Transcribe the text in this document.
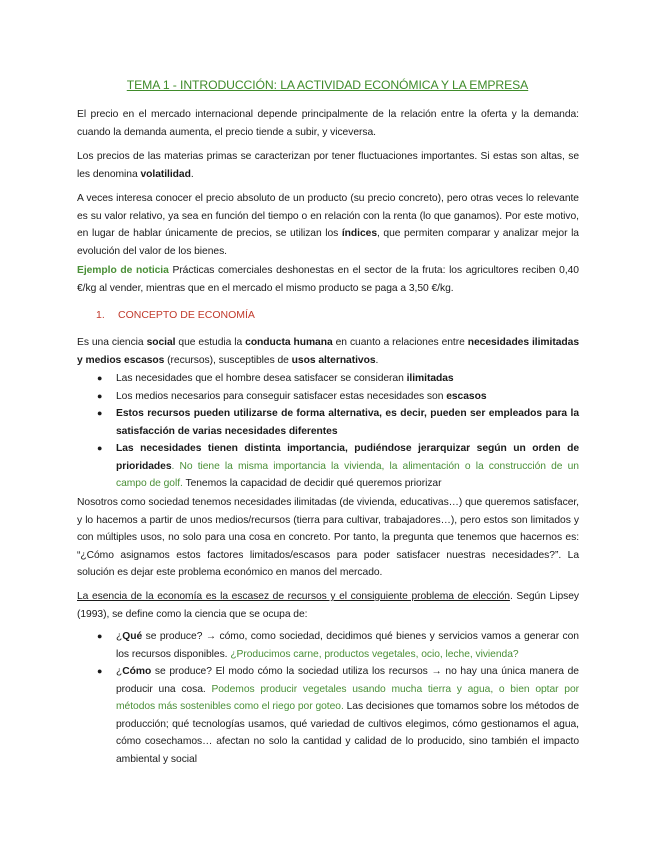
TEMA 1 - INTRODUCCIÓN: LA ACTIVIDAD ECONÓMICA Y LA EMPRESA
El precio en el mercado internacional depende principalmente de la relación entre la oferta y la demanda: cuando la demanda aumenta, el precio tiende a subir, y viceversa.
Los precios de las materias primas se caracterizan por tener fluctuaciones importantes. Si estas son altas, se les denomina volatilidad.
A veces interesa conocer el precio absoluto de un producto (su precio concreto), pero otras veces lo relevante es su valor relativo, ya sea en función del tiempo o en relación con la renta (lo que ganamos). Por este motivo, en lugar de hablar únicamente de precios, se utilizan los índices, que permiten comparar y analizar mejor la evolución del valor de los bienes.
Ejemplo de noticia Prácticas comerciales deshonestas en el sector de la fruta: los agricultores reciben 0,40 €/kg al vender, mientras que en el mercado el mismo producto se paga a 3,50 €/kg.
1. CONCEPTO DE ECONOMÍA
Es una ciencia social que estudia la conducta humana en cuanto a relaciones entre necesidades ilimitadas y medios escasos (recursos), susceptibles de usos alternativos.
● Las necesidades que el hombre desea satisfacer se consideran ilimitadas
● Los medios necesarios para conseguir satisfacer estas necesidades son escasos
● Estos recursos pueden utilizarse de forma alternativa, es decir, pueden ser empleados para la satisfacción de varias necesidades diferentes
● Las necesidades tienen distinta importancia, pudiéndose jerarquizar según un orden de prioridades. No tiene la misma importancia la vivienda, la alimentación o la construcción de un campo de golf. Tenemos la capacidad de decidir qué queremos priorizar
Nosotros como sociedad tenemos necesidades ilimitadas (de vivienda, educativas…) que queremos satisfacer, y lo hacemos a partir de unos medios/recursos (tierra para cultivar, trabajadores…), pero estos son limitados y con múltiples usos, no solo para una cosa en concreto. Por tanto, la pregunta que tenemos que hacernos es: “¿Cómo asignamos estos factores limitados/escasos para poder satisfacer nuestras necesidades?”. La solución es dejar este problema económico en manos del mercado.
La esencia de la economía es la escasez de recursos y el consiguiente problema de elección. Según Lipsey (1993), se define como la ciencia que se ocupa de:
● ¿Qué se produce? → cómo, como sociedad, decidimos qué bienes y servicios vamos a generar con los recursos disponibles. ¿Producimos carne, productos vegetales, ocio, leche, vivienda?
● ¿Cómo se produce? El modo cómo la sociedad utiliza los recursos → no hay una única manera de producir una cosa. Podemos producir vegetales usando mucha tierra y agua, o bien optar por métodos más sostenibles como el riego por goteo. Las decisiones que tomamos sobre los métodos de producción; qué tecnologías usamos, qué variedad de cultivos elegimos, cómo gestionamos el agua, cómo cosechamos… afectan no solo la cantidad y calidad de lo producido, sino también el impacto ambiental y social
